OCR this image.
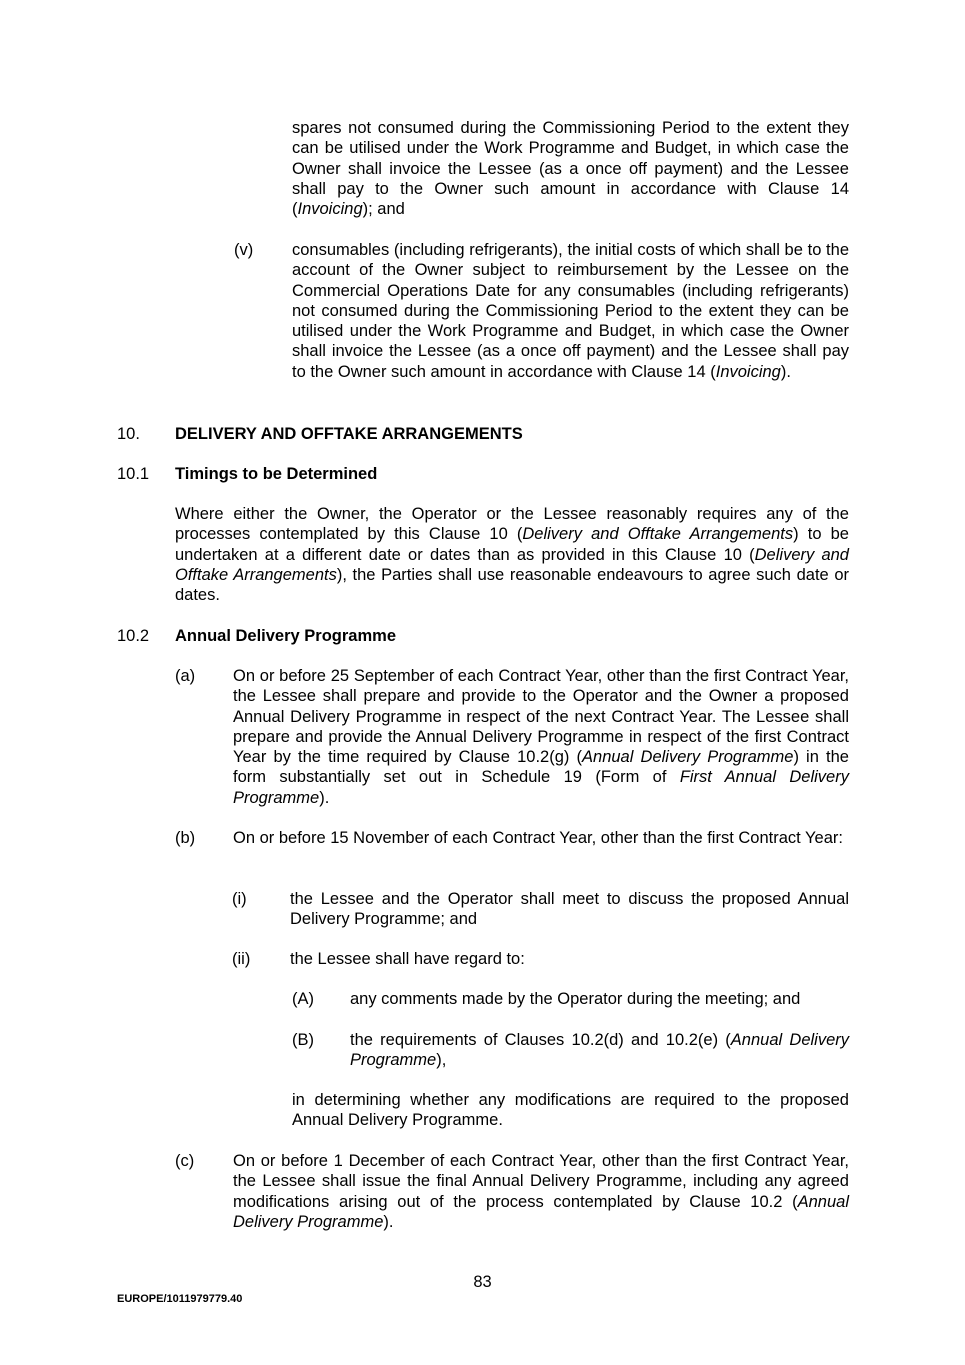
spares not consumed during the Commissioning Period to the extent they can be utilised under the Work Programme and Budget, in which case the Owner shall invoice the Lessee (as a once off payment) and the Lessee shall pay to the Owner such amount in accordance with Clause 14 (Invoicing); and

(v) consumables (including refrigerants), the initial costs of which shall be to the account of the Owner subject to reimbursement by the Lessee on the Commercial Operations Date for any consumables (including refrigerants) not consumed during the Commissioning Period to the extent they can be utilised under the Work Programme and Budget, in which case the Owner shall invoice the Lessee (as a once off payment) and the Lessee shall pay to the Owner such amount in accordance with Clause 14 (Invoicing).

10. DELIVERY AND OFFTAKE ARRANGEMENTS
10.1 Timings to be Determined

Where either the Owner, the Operator or the Lessee reasonably requires any of the processes contemplated by this Clause 10 (Delivery and Offtake Arrangements) to be undertaken at a different date or dates than as provided in this Clause 10 (Delivery and Offtake Arrangements), the Parties shall use reasonable endeavours to agree such date or dates.

10.2 Annual Delivery Programme
(a) On or before 25 September of each Contract Year, other than the first Contract Year, the Lessee shall prepare and provide to the Operator and the Owner a proposed Annual Delivery Programme in respect of the next Contract Year. The Lessee shall prepare and provide the Annual Delivery Programme in respect of the first Contract Year by the time required by Clause 10.2(g) (Annual Delivery Programme) in the form substantially set out in Schedule 19 (Form of First Annual Delivery Programme).

(b) On or before 15 November of each Contract Year, other than the first Contract Year:
(i)	the Lessee and the Operator shall meet to discuss the proposed Annual Delivery Programme; and
(ii) the Lessee shall have regard to:
(A) any comments made by the Operator during the meeting; and
(B) the requirements of Clauses 10.2(d) and 10.2(e) (Annual Delivery Programme),

in determining whether any modifications are required to the proposed Annual Delivery Programme.
(c) On or before 1 December of each Contract Year, other than the first Contract Year, the Lessee shall issue the final Annual Delivery Programme, including any agreed modifications arising out of the process contemplated by Clause 10.2 (Annual Delivery Programme).

83
EUROPE/1011979779.40
